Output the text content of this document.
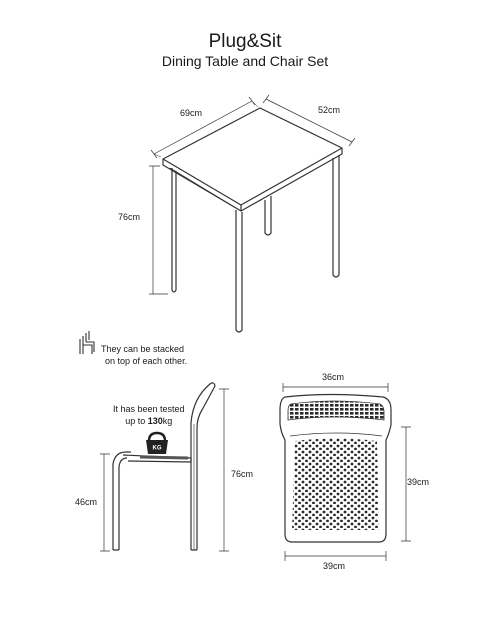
Plug&Sit
Dining Table and Chair Set
KG
69cm	52cm
76cm
They can be stacked
on top of each other.
It has been tested
up to 130kg
46cm
76cm
36cm
39cm
39cm
